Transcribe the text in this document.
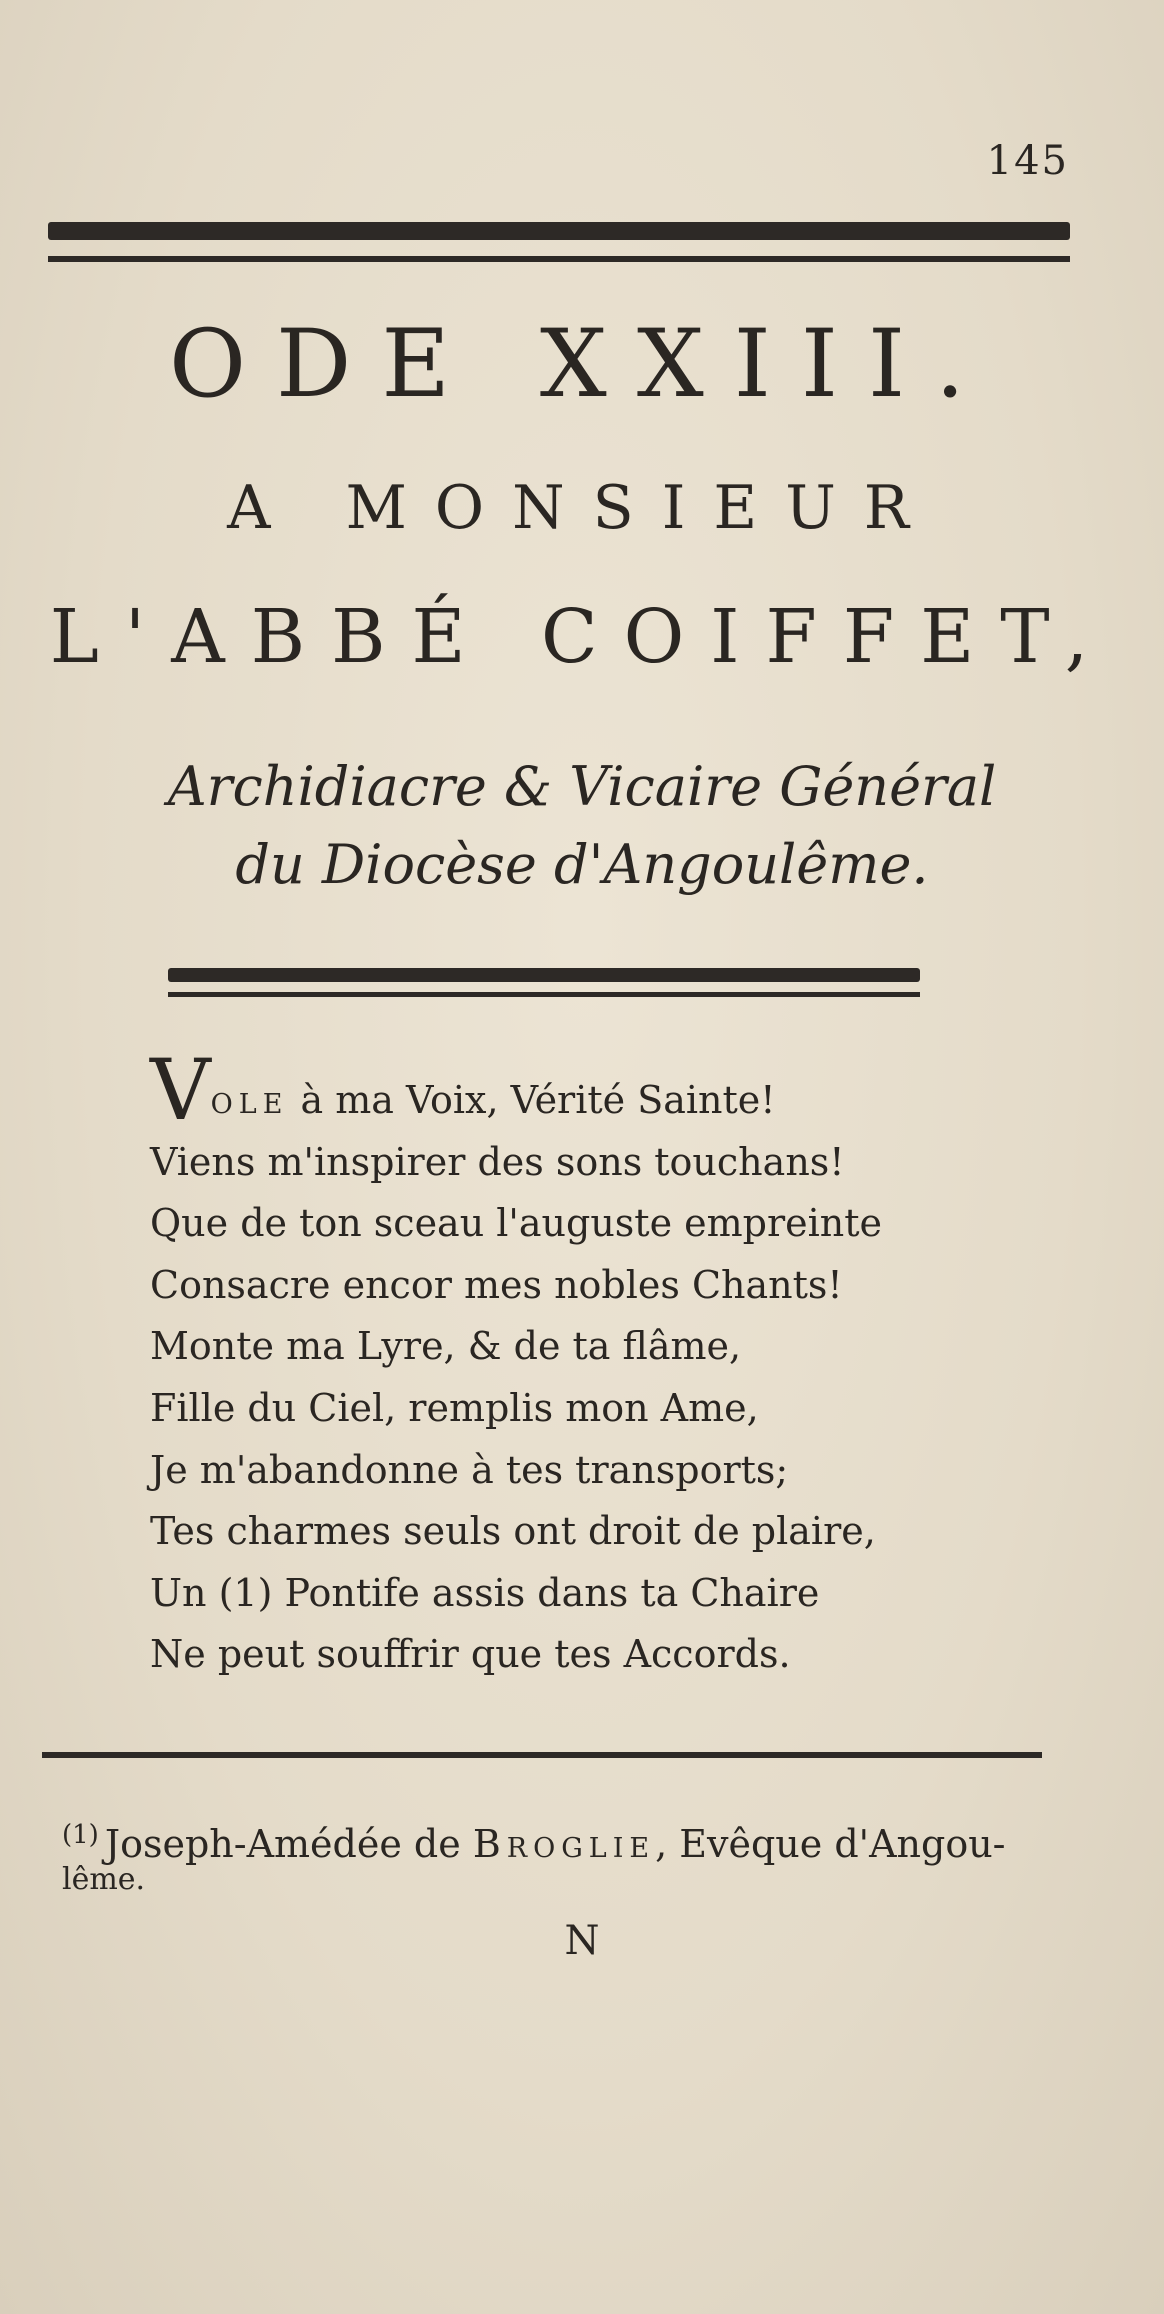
145
ODE XXIII.
A MONSIEUR
L'ABBÉ COIFFET,
Archidiacre & Vicaire Général
du Diocèse d'Angoulême.
Vole à ma Voix, Vérité Sainte!
Viens m'inspirer des sons touchans!
Que de ton sceau l'auguste empreinte
Consacre encor mes nobles Chants!
Monte ma Lyre, & de ta flâme,
Fille du Ciel, remplis mon Ame,
Je m'abandonne à tes transports;
Tes charmes seuls ont droit de plaire,
Un (1) Pontife assis dans ta Chaire
Ne peut souffrir que tes Accords.
$^{(1)}$ Joseph-Amédée de Broglie, Evêque d'Angou-
lême.
N
